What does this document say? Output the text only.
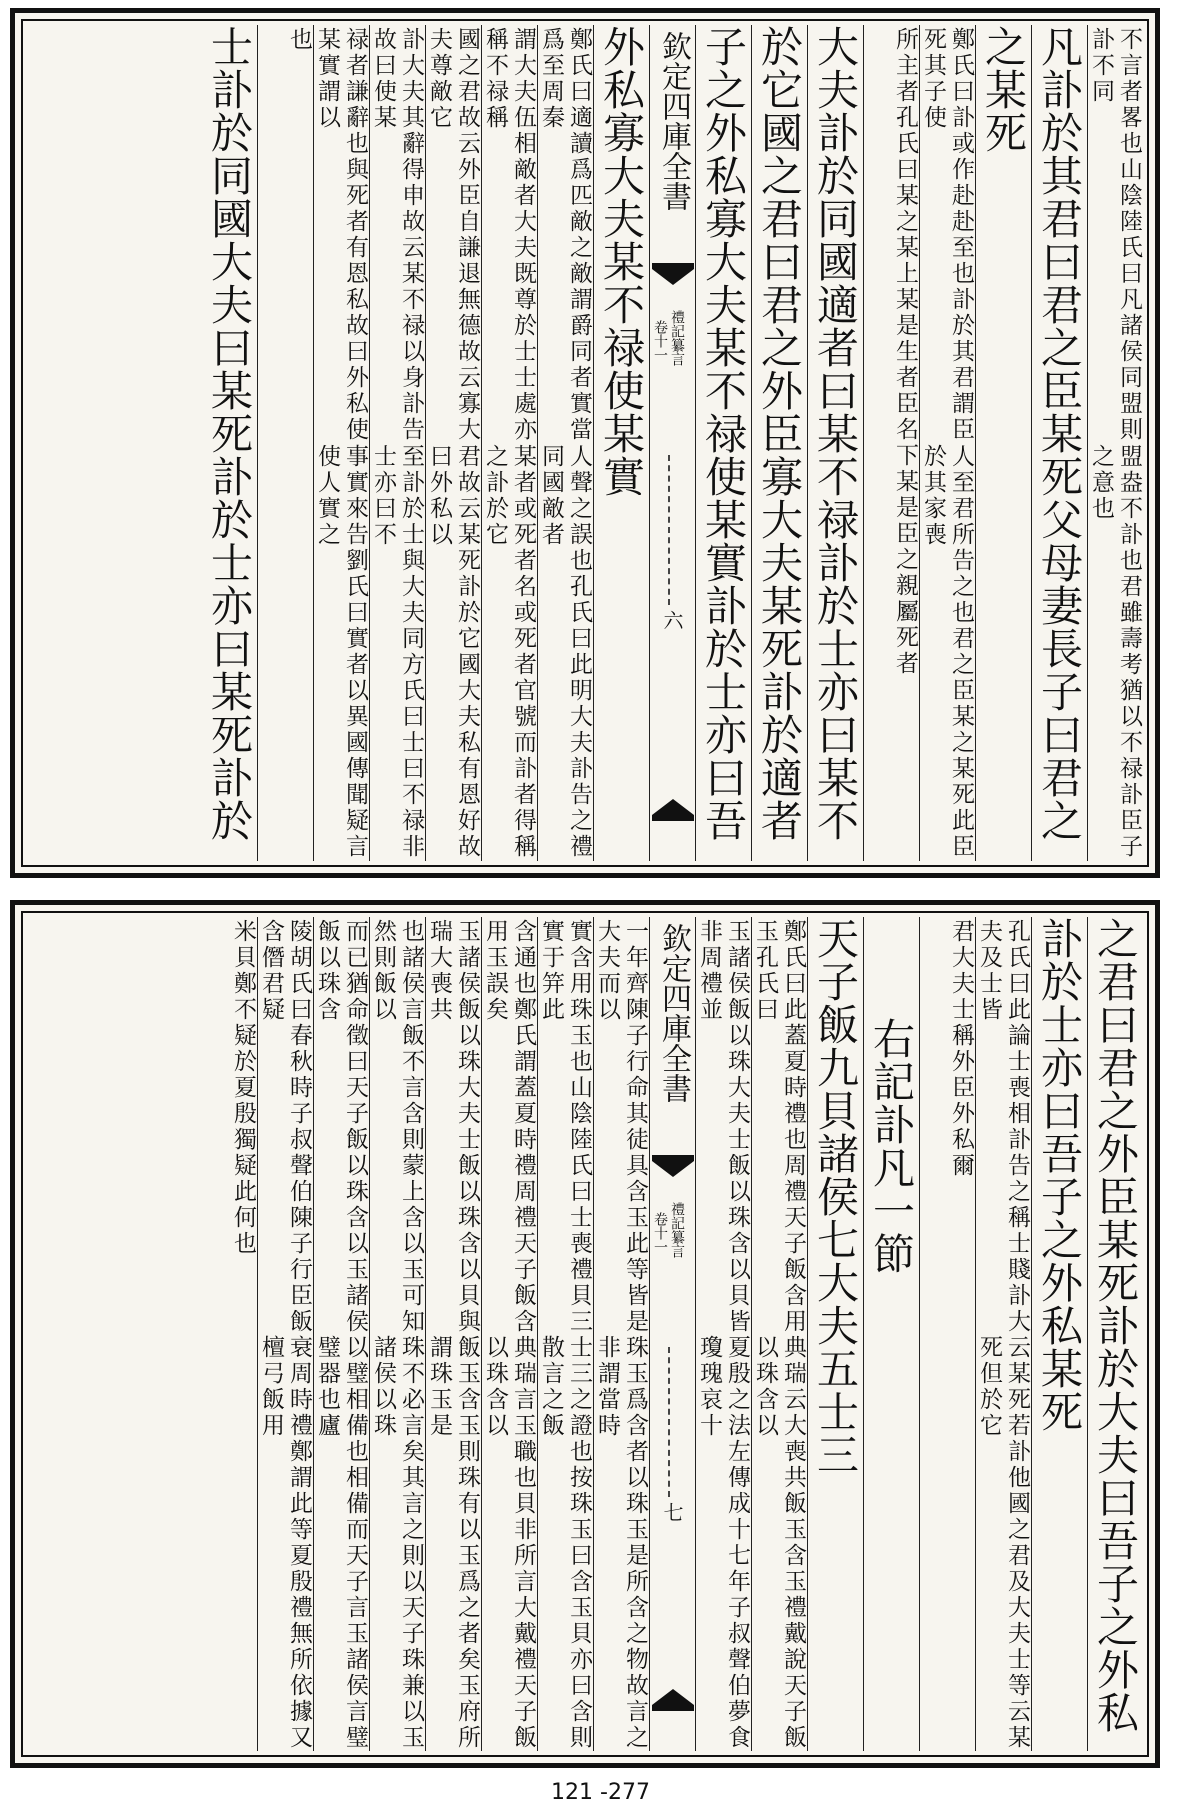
不言者畧也山陰陸氏曰凡諸侯同盟則訃不同
盟盎不訃也君雖壽考猶以不禄訃臣子之意也
凡訃於其君曰君之臣某死父母妻長子曰君之
之某死
鄭氏曰訃或作赴赴至也訃於其君謂臣死其子使
人至君所告之也君之臣某之某死此臣於其家喪
所主者孔氏曰某之某上某是生
者臣名下某是臣之親屬死者
大夫訃於同國適者曰某不禄訃於士亦曰某不
於它國之君曰君之外臣寡大夫某死訃於適者
子之外私寡大夫某不禄使某實訃於士亦曰吾
欽定四庫全書
禮記纂言
卷十一
六
外私寡大夫某不禄使某實
鄭氏曰適讀爲匹敵之敵謂爵同者實當爲至周秦
人聲之誤也孔氏曰此明大夫訃告之禮同國敵者
謂大夫伍相敵者大夫既尊於士士處亦稱不禄稱
某者或死者名或死者官號而訃者得稱之訃於它
國之君故云外臣自謙退無德故云寡大夫尊敵它
君故云某死訃於它國大夫私有恩好故曰外私以
訃大夫其辭得申故云某不禄以身訃告故曰使某
至訃於士與大夫同方氏曰士曰不禄非士亦曰不
禄者謙辭也與死者有恩私故曰外私使某實謂以
事實來告劉氏曰實者以異國傳聞疑言使人實之
也
士訃於同國大夫曰某死訃於士亦曰某死訃於
之君曰君之外臣某死訃於大夫曰吾子之外私
訃於士亦曰吾子之外私某死
孔氏曰此論士喪相訃告之稱士賤訃大夫及士皆
云某死若訃他國之君及大夫士等云某死但於它
君大夫士稱
外臣外私爾
右記訃凡一節
天子飯九貝諸侯七大夫五士三
鄭氏曰此蓋夏時禮也周禮天子飯含用玉孔氏曰
典瑞云大喪共飯玉含玉禮戴說天子飯以珠含以
玉諸侯飯以珠大夫士飯以珠含以貝皆非周禮並
夏殷之法左傳成十七年子叔聲伯夢食瓊瑰哀十
欽定四庫全書
禮記纂言
卷十一
七
一年齊陳子行命其徒具含玉此等皆是大夫而以
珠玉爲含者以珠玉是所含之物故言之非謂當時
實含用珠玉也山陰陸氏曰士喪禮貝三實于笄此
士三之證也按珠玉曰含玉貝亦曰含則散言之飯
含通也鄭氏謂蓋夏時禮周禮天子飯含用玉誤矣
典瑞言玉職也貝非所言大戴禮天子飯以珠含以
玉諸侯飯以珠大夫士飯以珠含以貝與瑞大喪共
飯玉含玉則珠有以玉爲之者矣玉府所謂珠玉是
也諸侯言飯不言含則蒙上含以玉可知然則飯以
珠不必言矣其言之則以天子珠兼以玉諸侯以珠
而已猶命徵曰天子飯以珠含以玉諸侯飯以珠含
以璧相備也相備而天子言玉諸侯言璧璧器也廬
陵胡氏曰春秋時子叔聲伯陳子行臣飯含僭君疑
衰周時禮鄭謂此等夏殷禮無所依據又檀弓飯用
米貝鄭不疑於夏
殷獨疑此何也
121 -277
